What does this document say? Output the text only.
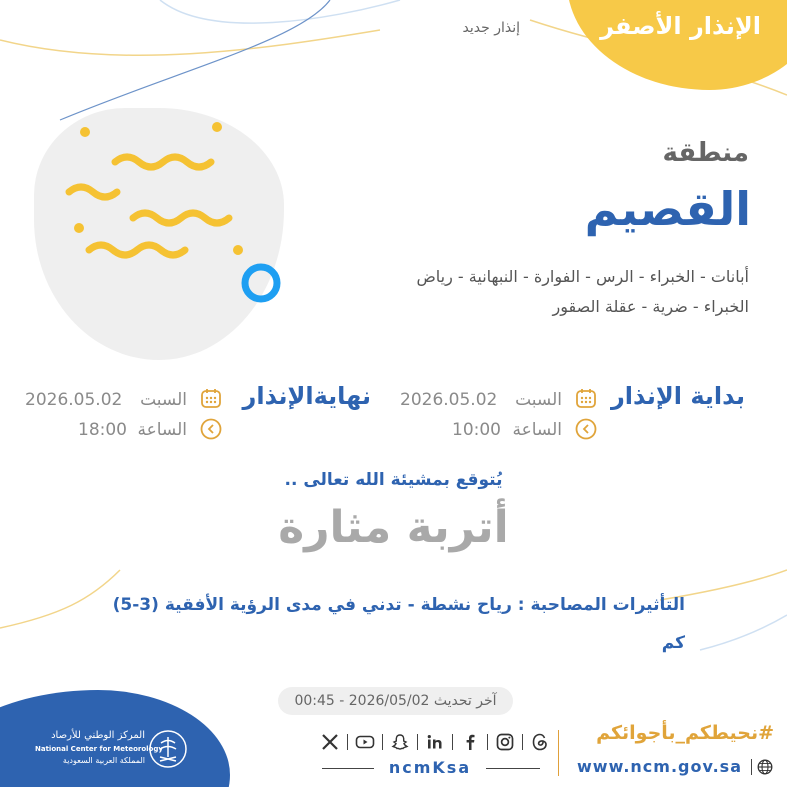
الإنذار الأصفر
إنذار جديد
منطقة
القصيم
أبانات - الخبراء - الرس - الفوارة - النبهانية - رياض
الخبراء - ضرية - عقلة الصقور
بداية الإنذار
السبت
2026.05.02
الساعة
10:00
نهايةالإنذار
السبت
2026.05.02
الساعة
18:00
يُتوقع بمشيئة الله تعالى ..
أتربة مثارة
التأثيرات المصاحبة : رياح نشطة - تدني في مدى الرؤية الأفقية (3-5)
كم
آخر تحديث 2026/05/02 - 00:45
المركز الوطني للأرصاد
National Center for Meteorology
المملكة العربية السعودية	ncmKsa
#نحيطكم_بأجوائكم
www.ncm.gov.sa
